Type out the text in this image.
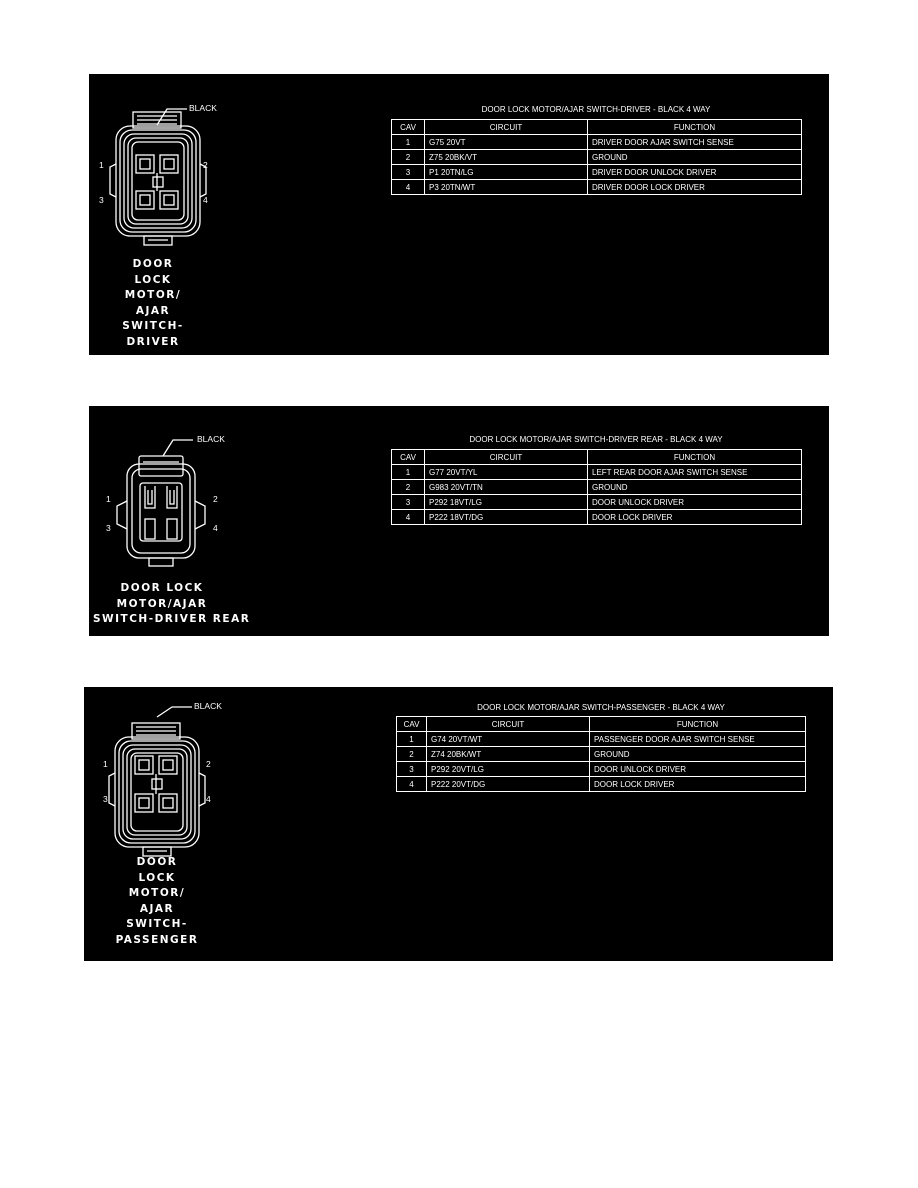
BLACK
1	2
3	4
DOOR
LOCK
MOTOR/
AJAR
SWITCH-
DRIVER
DOOR LOCK MOTOR/AJAR SWITCH-DRIVER - BLACK 4 WAY
CAV	CIRCUIT	FUNCTION
1	G75 20VT	DRIVER DOOR AJAR SWITCH SENSE
2	Z75 20BK/VT	GROUND
3	P1 20TN/LG	DRIVER DOOR UNLOCK DRIVER
4	P3 20TN/WT	DRIVER DOOR LOCK DRIVER
BLACK
1	2
3	4
DOOR LOCK
MOTOR/AJAR
SWITCH-DRIVER REAR
DOOR LOCK MOTOR/AJAR SWITCH-DRIVER REAR - BLACK 4 WAY
CAV	CIRCUIT	FUNCTION
1	G77 20VT/YL	LEFT REAR DOOR AJAR SWITCH SENSE
2	G983 20VT/TN	GROUND
3	P292 18VT/LG	DOOR UNLOCK DRIVER
4	P222 18VT/DG	DOOR LOCK DRIVER
BLACK
1	2
3	4
DOOR
LOCK
MOTOR/
AJAR
SWITCH-
PASSENGER
DOOR LOCK MOTOR/AJAR SWITCH-PASSENGER - BLACK 4 WAY
CAV	CIRCUIT	FUNCTION
1	G74 20VT/WT	PASSENGER DOOR AJAR SWITCH SENSE
2	Z74 20BK/WT	GROUND
3	P292 20VT/LG	DOOR UNLOCK DRIVER
4	P222 20VT/DG	DOOR LOCK DRIVER
